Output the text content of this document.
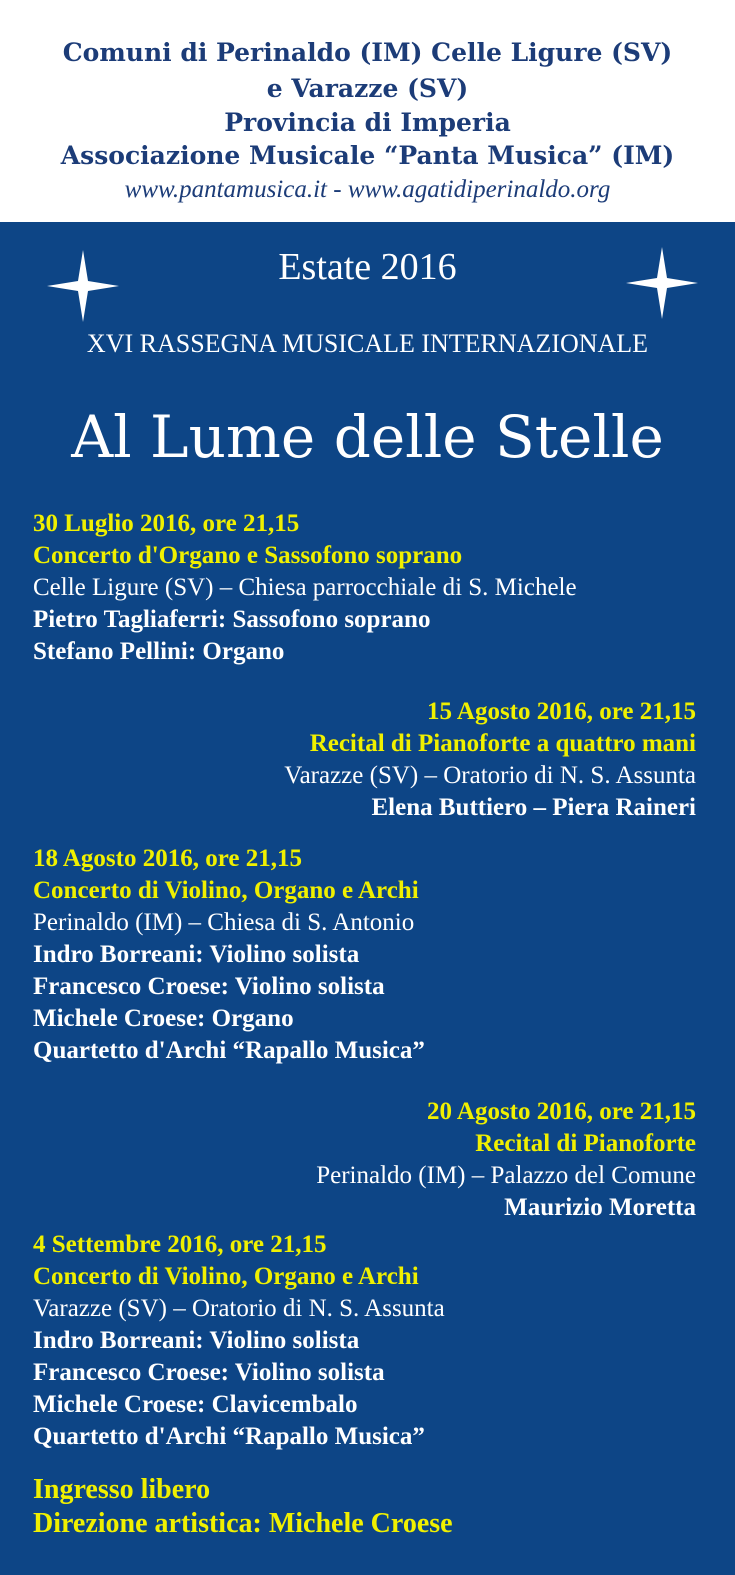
Comuni di Perinaldo (IM) Celle Ligure (SV)
e Varazze (SV)
Provincia di Imperia
Associazione Musicale “Panta Musica” (IM)
www.pantamusica.it - www.agatidiperinaldo.org
Estate 2016
XVI RASSEGNA MUSICALE INTERNAZIONALE
Al Lume delle Stelle
30 Luglio 2016, ore 21,15
Concerto d'Organo e Sassofono soprano
Celle Ligure (SV) – Chiesa parrocchiale di S. Michele
Pietro Tagliaferri: Sassofono soprano
Stefano Pellini: Organo
15 Agosto 2016, ore 21,15
Recital di Pianoforte a quattro mani
Varazze (SV) – Oratorio di N. S. Assunta
Elena Buttiero – Piera Raineri
18 Agosto 2016, ore 21,15
Concerto di Violino, Organo e Archi
Perinaldo (IM) – Chiesa di S. Antonio
Indro Borreani: Violino solista
Francesco Croese: Violino solista
Michele Croese: Organo
Quartetto d'Archi “Rapallo Musica”
20 Agosto 2016, ore 21,15
Recital di Pianoforte
Perinaldo (IM) – Palazzo del Comune
Maurizio Moretta
4 Settembre 2016, ore 21,15
Concerto di Violino, Organo e Archi
Varazze (SV) – Oratorio di N. S. Assunta
Indro Borreani: Violino solista
Francesco Croese: Violino solista
Michele Croese: Clavicembalo
Quartetto d'Archi “Rapallo Musica”
Ingresso libero
Direzione artistica: Michele Croese
